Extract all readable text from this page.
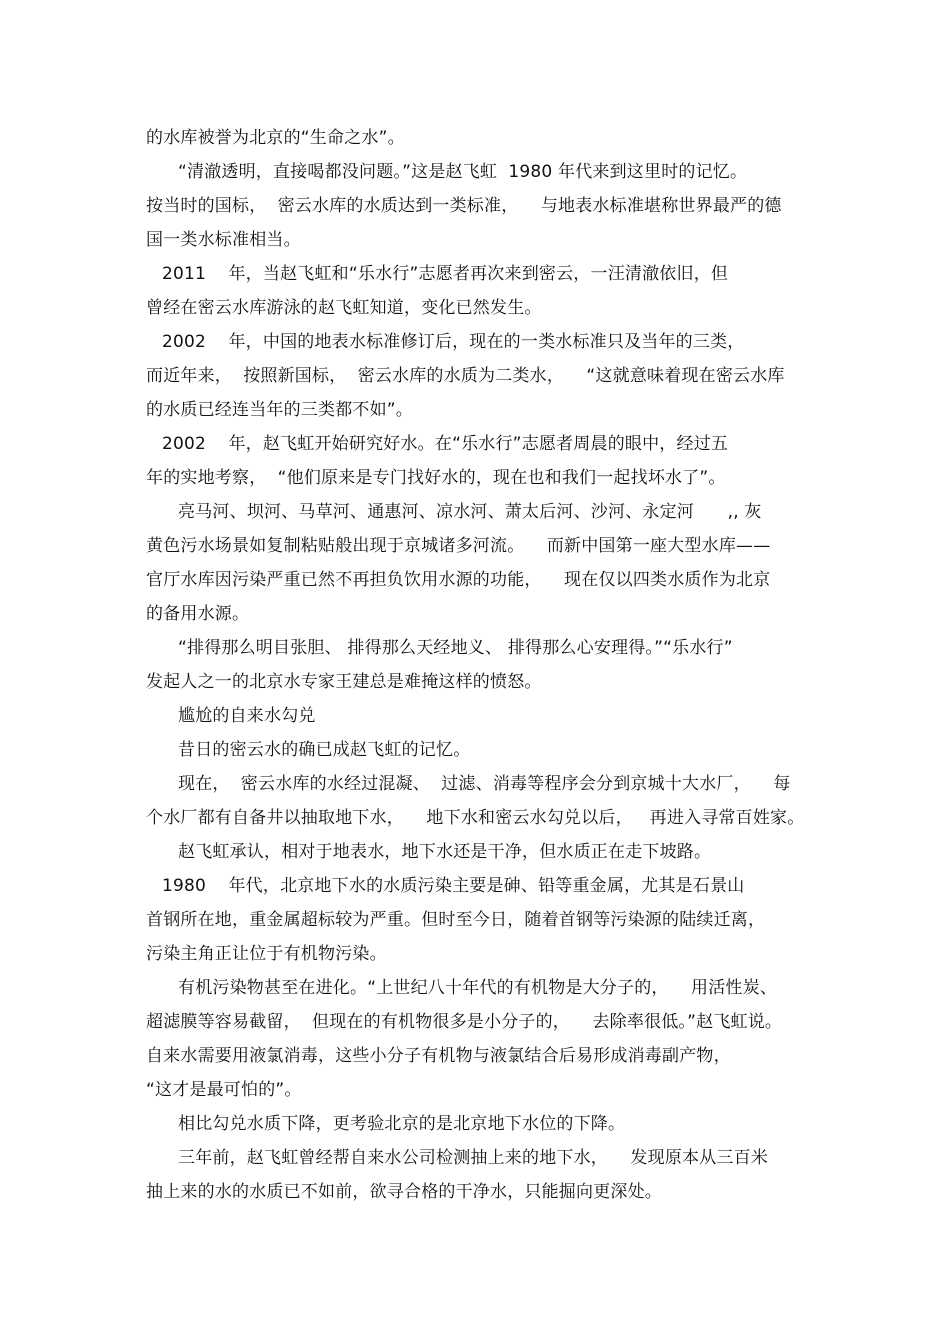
的水库被誉为北京的“生命之水”。
“清澈透明，直接喝都没问题。”这是赵飞虹  1980 年代来到这里时的记忆。
按当时的国标，  密云水库的水质达到一类标准，    与地表水标准堪称世界最严的德
国一类水标准相当。
2011    年，当赵飞虹和“乐水行”志愿者再次来到密云，一汪清澈依旧，但
曾经在密云水库游泳的赵飞虹知道，变化已然发生。
2002    年，中国的地表水标准修订后，现在的一类水标准只及当年的三类，
而近年来，  按照新国标，  密云水库的水质为二类水，    “这就意味着现在密云水库
的水质已经连当年的三类都不如”。
2002    年，赵飞虹开始研究好水。在“乐水行”志愿者周晨的眼中，经过五
年的实地考察，  “他们原来是专门找好水的，现在也和我们一起找坏水了”。
亮马河、坝河、马草河、通惠河、凉水河、萧太后河、沙河、永定河      ,, 灰
黄色污水场景如复制粘贴般出现于京城诸多河流。    而新中国第一座大型水库——
官厅水库因污染严重已然不再担负饮用水源的功能，    现在仅以四类水质作为北京
的备用水源。
“排得那么明目张胆、 排得那么天经地义、 排得那么心安理得。”“乐水行”
发起人之一的北京水专家王建总是难掩这样的愤怒。
尴尬的自来水勾兑
昔日的密云水的确已成赵飞虹的记忆。
现在，  密云水库的水经过混凝、  过滤、消毒等程序会分到京城十大水厂，    每
个水厂都有自备井以抽取地下水，    地下水和密云水勾兑以后，   再进入寻常百姓家。
赵飞虹承认，相对于地表水，地下水还是干净，但水质正在走下坡路。
1980    年代，北京地下水的水质污染主要是砷、铅等重金属，尤其是石景山
首钢所在地，重金属超标较为严重。但时至今日，随着首钢等污染源的陆续迁离，
污染主角正让位于有机物污染。
有机污染物甚至在进化。“上世纪八十年代的有机物是大分子的，    用活性炭、
超滤膜等容易截留，  但现在的有机物很多是小分子的，    去除率很低。”赵飞虹说。
自来水需要用液氯消毒，这些小分子有机物与液氯结合后易形成消毒副产物，
“这才是最可怕的”。
相比勾兑水质下降，更考验北京的是北京地下水位的下降。
三年前，赵飞虹曾经帮自来水公司检测抽上来的地下水，    发现原本从三百米
抽上来的水的水质已不如前，欲寻合格的干净水，只能掘向更深处。
